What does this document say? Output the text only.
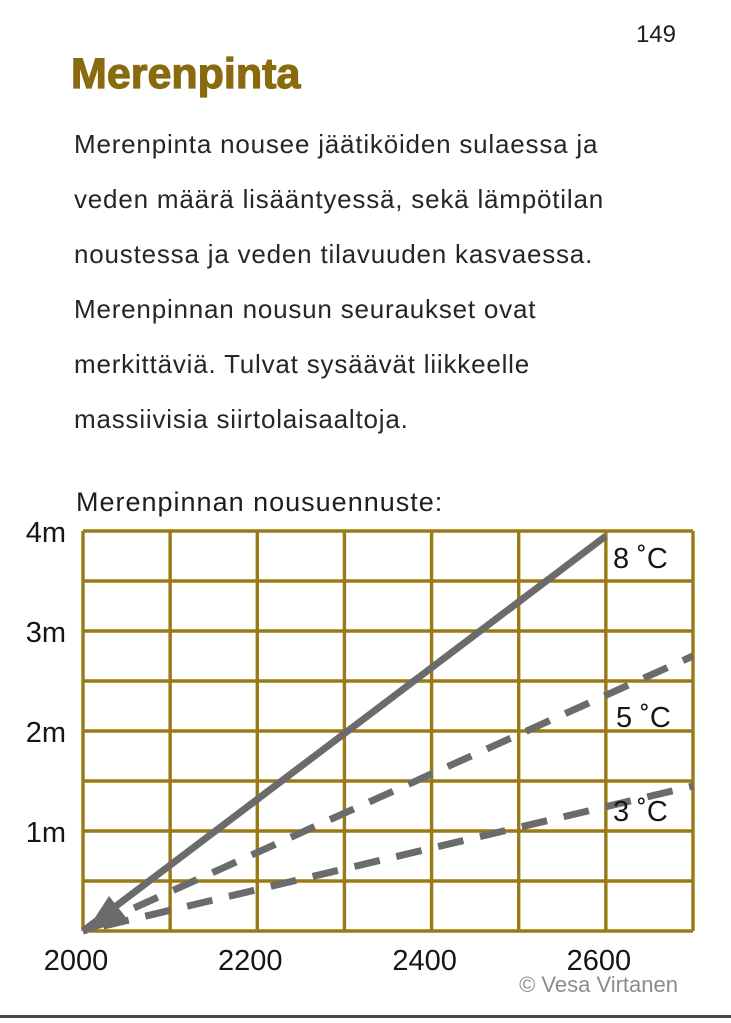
149
Merenpinta
Merenpinta nousee jäätiköiden sulaessa ja
veden määrä lisääntyessä, sekä lämpötilan
noustessa ja veden tilavuuden kasvaessa.
Merenpinnan nousun seuraukset ovat
merkittäviä. Tulvat sysäävät liikkeelle
massiivisia siirtolaisaaltoja.
Merenpinnan nousuennuste:
2000	2200	2400	2600
4m
3m
2m
1m
8 ˚C
5 ˚C
3 ˚C
© Vesa Virtanen
